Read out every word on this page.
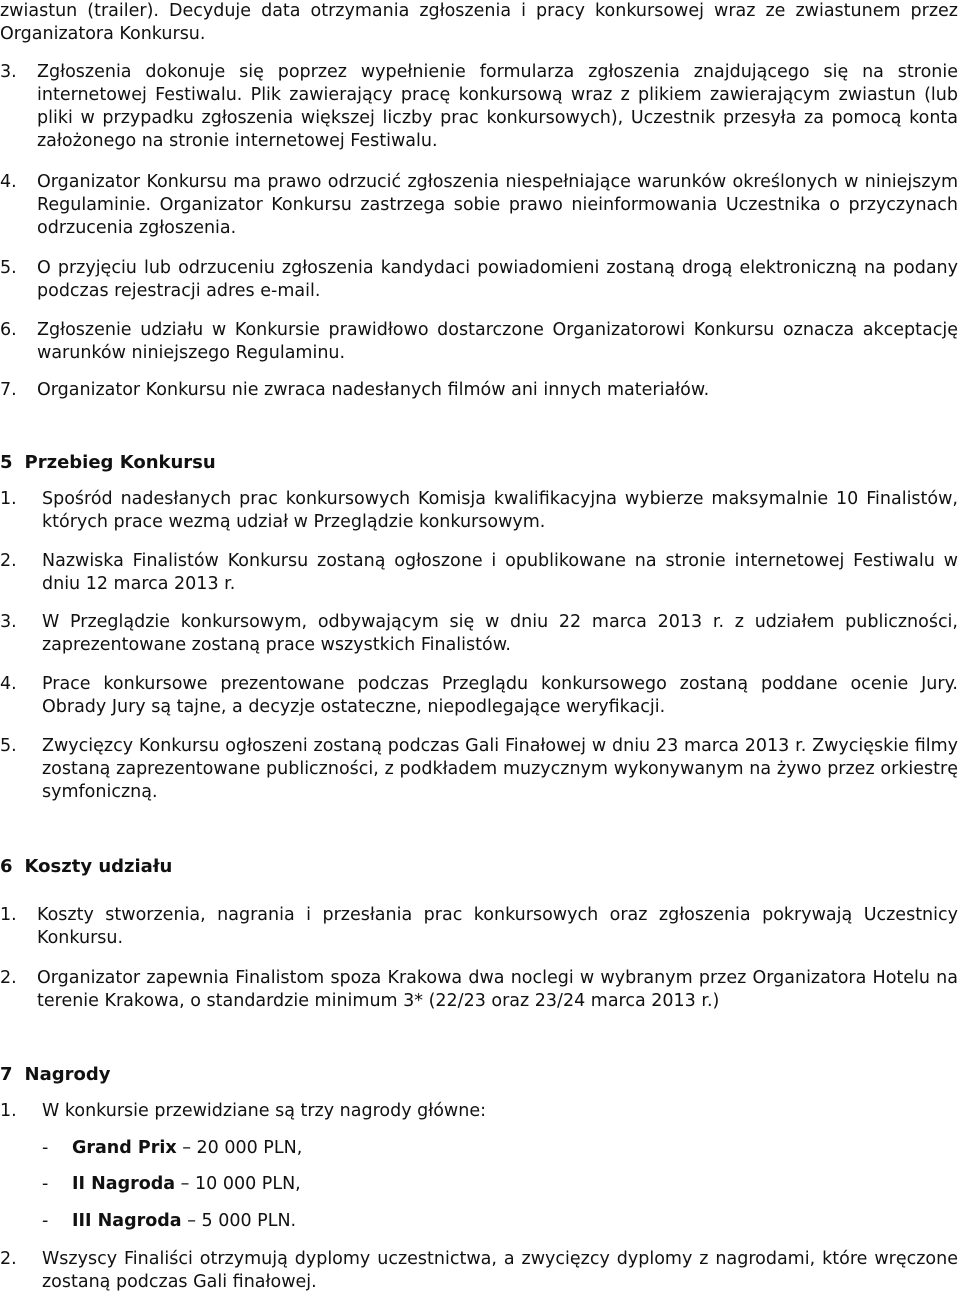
zwiastun (trailer). Decyduje data otrzymania zgłoszenia i pracy konkursowej wraz ze zwiastunem przez Organizatora Konkursu.
3. Zgłoszenia dokonuje się poprzez wypełnienie formularza zgłoszenia znajdującego się na stronie internetowej Festiwalu. Plik zawierający pracę konkursową wraz z plikiem zawierającym zwiastun (lub pliki w przypadku zgłoszenia większej liczby prac konkursowych), Uczestnik przesyła za pomocą konta założonego na stronie internetowej Festiwalu.
4. Organizator Konkursu ma prawo odrzucić zgłoszenia niespełniające warunków określonych w niniejszym Regulaminie. Organizator Konkursu zastrzega sobie prawo nieinformowania Uczestnika o przyczynach odrzucenia zgłoszenia.
5. O przyjęciu lub odrzuceniu zgłoszenia kandydaci powiadomieni zostaną drogą elektroniczną na podany podczas rejestracji adres e-mail.
6. Zgłoszenie udziału w Konkursie prawidłowo dostarczone Organizatorowi Konkursu oznacza akceptację warunków niniejszego Regulaminu.
7. Organizator Konkursu nie zwraca nadesłanych filmów ani innych materiałów.
5 Przebieg Konkursu
1. Spośród nadesłanych prac konkursowych Komisja kwalifikacyjna wybierze maksymalnie 10 Finalistów, których prace wezmą udział w Przeglądzie konkursowym.
2. Nazwiska Finalistów Konkursu zostaną ogłoszone i opublikowane na stronie internetowej Festiwalu w dniu 12 marca 2013 r.
3. W Przeglądzie konkursowym, odbywającym się w dniu 22 marca 2013 r. z udziałem publiczności, zaprezentowane zostaną prace wszystkich Finalistów.
4. Prace konkursowe prezentowane podczas Przeglądu konkursowego zostaną poddane ocenie Jury. Obrady Jury są tajne, a decyzje ostateczne, niepodlegające weryfikacji.
5. Zwycięzcy Konkursu ogłoszeni zostaną podczas Gali Finałowej w dniu 23 marca 2013 r. Zwycięskie filmy zostaną zaprezentowane publiczności, z podkładem muzycznym wykonywanym na żywo przez orkiestrę symfoniczną.
6 Koszty udziału
1. Koszty stworzenia, nagrania i przesłania prac konkursowych oraz zgłoszenia pokrywają Uczestnicy Konkursu.
2. Organizator zapewnia Finalistom spoza Krakowa dwa noclegi w wybranym przez Organizatora Hotelu na terenie Krakowa, o standardzie minimum 3* (22/23 oraz 23/24 marca 2013 r.)
7 Nagrody
1. W konkursie przewidziane są trzy nagrody główne:
- Grand Prix – 20 000 PLN,
- II Nagroda – 10 000 PLN,
- III Nagroda – 5 000 PLN.
2. Wszyscy Finaliści otrzymują dyplomy uczestnictwa, a zwycięzcy dyplomy z nagrodami, które wręczone zostaną podczas Gali finałowej.
